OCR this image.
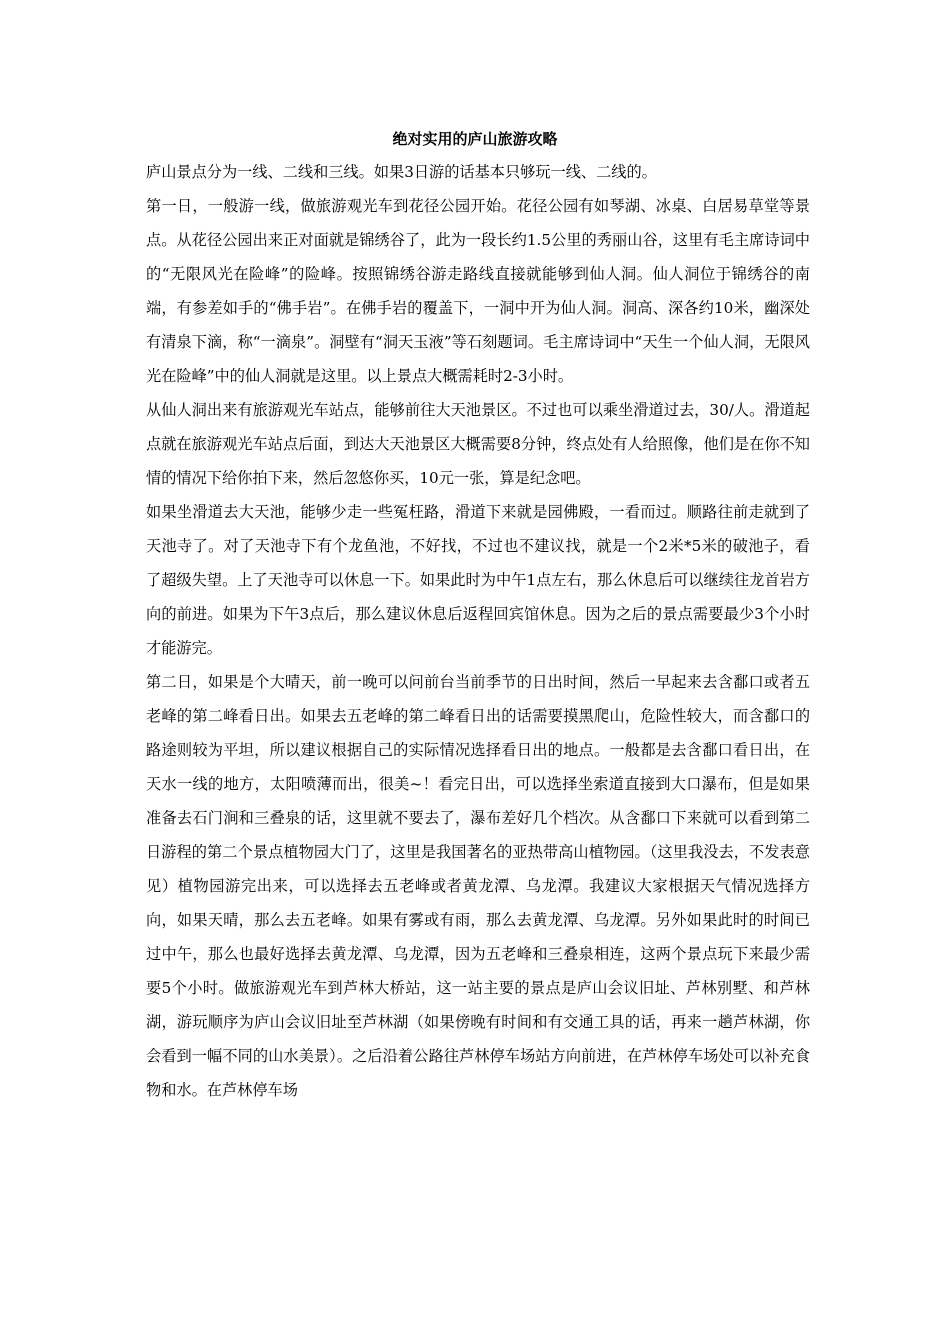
绝对实用的庐山旅游攻略

庐山景点分为一线、二线和三线。如果3日游的话基本只够玩一线、二线的。

第一日，一般游一线，做旅游观光车到花径公园开始。花径公园有如琴湖、冰桌、白居易草堂等景点。从花径公园出来正对面就是锦绣谷了，此为一段长约1.5公里的秀丽山谷，这里有毛主席诗词中的“无限风光在险峰”的险峰。按照锦绣谷游走路线直接就能够到仙人洞。仙人洞位于锦绣谷的南端，有参差如手的“佛手岩”。在佛手岩的覆盖下，一洞中开为仙人洞。洞高、深各约10米，幽深处有清泉下滴，称“一滴泉”。洞壁有“洞天玉液”等石刻题词。毛主席诗词中“天生一个仙人洞，无限风光在险峰”中的仙人洞就是这里。以上景点大概需耗时2-3小时。

从仙人洞出来有旅游观光车站点，能够前往大天池景区。不过也可以乘坐滑道过去，30/人。滑道起点就在旅游观光车站点后面，到达大天池景区大概需要8分钟，终点处有人给照像，他们是在你不知情的情况下给你拍下来，然后忽悠你买，10元一张，算是纪念吧。

如果坐滑道去大天池，能够少走一些冤枉路，滑道下来就是园佛殿，一看而过。顺路往前走就到了天池寺了。对了天池寺下有个龙鱼池，不好找，不过也不建议找，就是一个2米*5米的破池子，看了超级失望。上了天池寺可以休息一下。如果此时为中午1点左右，那么休息后可以继续往龙首岩方向的前进。如果为下午3点后，那么建议休息后返程回宾馆休息。因为之后的景点需要最少3个小时才能游完。

第二日，如果是个大晴天，前一晚可以问前台当前季节的日出时间，然后一早起来去含鄱口或者五老峰的第二峰看日出。如果去五老峰的第二峰看日出的话需要摸黑爬山，危险性较大，而含鄱口的路途则较为平坦，所以建议根据自己的实际情况选择看日出的地点。一般都是去含鄱口看日出，在天水一线的地方，太阳喷薄而出，很美~！看完日出，可以选择坐索道直接到大口瀑布，但是如果准备去石门涧和三叠泉的话，这里就不要去了，瀑布差好几个档次。从含鄱口下来就可以看到第二日游程的第二个景点植物园大门了，这里是我国著名的亚热带高山植物园。（这里我没去，不发表意见）植物园游完出来，可以选择去五老峰或者黄龙潭、乌龙潭。我建议大家根据天气情况选择方向，如果天晴，那么去五老峰。如果有雾或有雨，那么去黄龙潭、乌龙潭。另外如果此时的时间已过中午，那么也最好选择去黄龙潭、乌龙潭，因为五老峰和三叠泉相连，这两个景点玩下来最少需要5个小时。做旅游观光车到芦林大桥站，这一站主要的景点是庐山会议旧址、芦林别墅、和芦林湖，游玩顺序为庐山会议旧址至芦林湖（如果傍晚有时间和有交通工具的话，再来一趟芦林湖，你会看到一幅不同的山水美景）。之后沿着公路往芦林停车场站方向前进，在芦林停车场处可以补充食物和水。在芦林停车场
